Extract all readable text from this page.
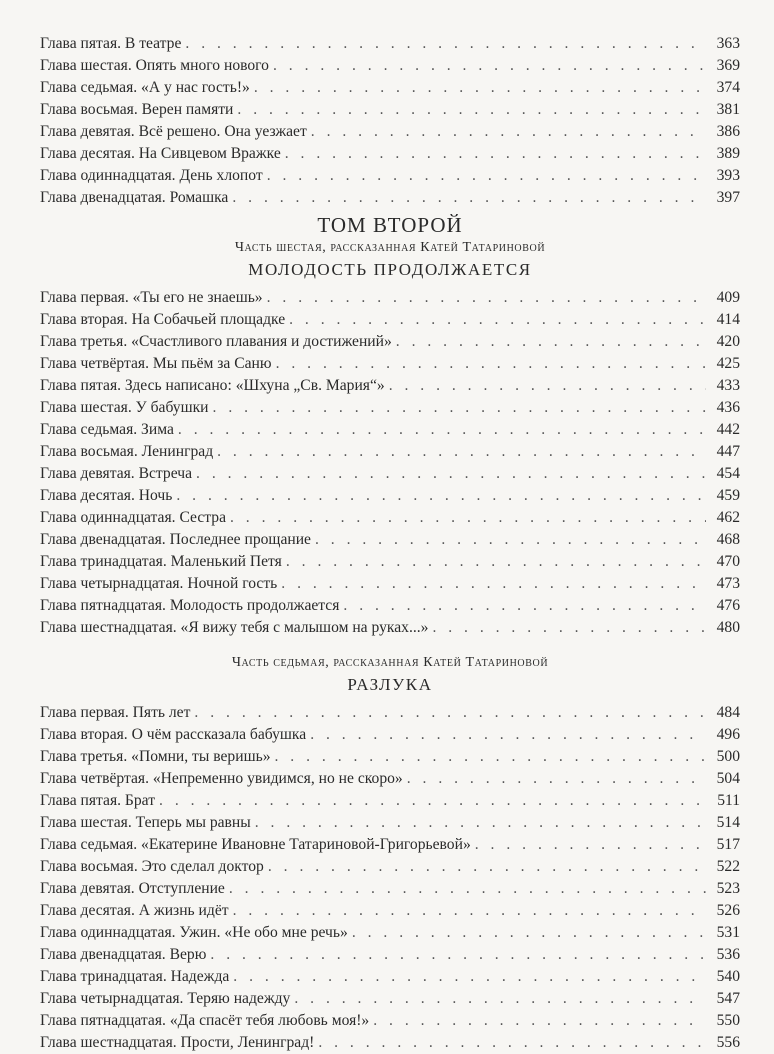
Глава пятая. В театре . . .	363
Глава шестая. Опять много нового . . .	369
Глава седьмая. «А у нас гость!» . . .	374
Глава восьмая. Верен памяти . . .	381
Глава девятая. Всё решено. Она уезжает . . .	386
Глава десятая. На Сивцевом Вражке . . .	389
Глава одиннадцатая. День хлопот . . .	393
Глава двенадцатая. Ромашка . . .	397
ТОМ ВТОРОЙ
Часть шестая, рассказанная Катей Татариновой
МОЛОДОСТЬ ПРОДОЛЖАЕТСЯ
Глава первая. «Ты его не знаешь» . . .	409
Глава вторая. На Собачьей площадке . . .	414
Глава третья. «Счастливого плавания и достижений» . . .	420
Глава четвёртая. Мы пьём за Саню . . .	425
Глава пятая. Здесь написано: «Шхуна „Св. Мария“» . . .	433
Глава шестая. У бабушки . . .	436
Глава седьмая. Зима . . .	442
Глава восьмая. Ленинград . . .	447
Глава девятая. Встреча . . .	454
Глава десятая. Ночь . . .	459
Глава одиннадцатая. Сестра . . .	462
Глава двенадцатая. Последнее прощание . . .	468
Глава тринадцатая. Маленький Петя . . .	470
Глава четырнадцатая. Ночной гость . . .	473
Глава пятнадцатая. Молодость продолжается . . .	476
Глава шестнадцатая. «Я вижу тебя с малышом на руках...» . . .	480
Часть седьмая, рассказанная Катей Татариновой
РАЗЛУКА
Глава первая. Пять лет . . .	484
Глава вторая. О чём рассказала бабушка . . .	496
Глава третья. «Помни, ты веришь» . . .	500
Глава четвёртая. «Непременно увидимся, но не скоро» . . .	504
Глава пятая. Брат . . .	511
Глава шестая. Теперь мы равны . . .	514
Глава седьмая. «Екатерине Ивановне Татариновой-Григорьевой» . . .	517
Глава восьмая. Это сделал доктор . . .	522
Глава девятая. Отступление . . .	523
Глава десятая. А жизнь идёт . . .	526
Глава одиннадцатая. Ужин. «Не обо мне речь» . . .	531
Глава двенадцатая. Верю . . .	536
Глава тринадцатая. Надежда . . .	540
Глава четырнадцатая. Теряю надежду . . .	547
Глава пятнадцатая. «Да спасёт тебя любовь моя!» . . .	550
Глава шестнадцатая. Прости, Ленинград! . . .	556
